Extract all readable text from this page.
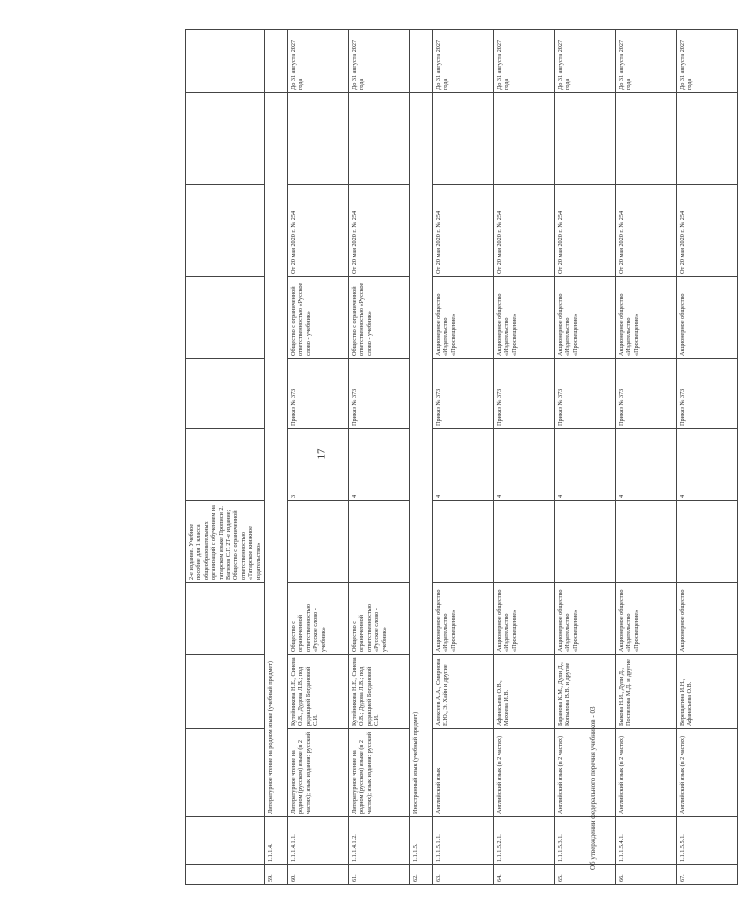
17
					2-е издание. Учебное пособие для 1 класса общеобразовательных организаций с обучением на татарском языке Прописи 2. Вагизов С.Г. 2Т-е издание; Общество с ограниченной ответственностью «Татарское книжное издательство»						
59.	1.1.1.4.	Литературное чтение на родном языке (учебный предмет)									
60.	1.1.1.4.1.1.	Литературное чтение на родном (русском) языке (в 2 частях); язык издания: русский	Кутейникова Н.Е., Синева О.В., Дудова Л.В.; под редакцией Богдановой С.И.	Общество с ограниченной ответственностью «Русское слово - учебник»		3	Приказ № 373	Общество с ограниченной ответственностью «Русское слово - учебник»	От 20 мая 2020 г. № 254		До 31 августа 2027 года
61.	1.1.1.4.1.2.	Литературное чтение на родном (русском) языке (в 2 частях); язык издания: русский	Кутейникова Н.Е., Синева О.В.; Дудова Л.В.; под редакцией Богдановой С.И.	Общество с ограниченной ответственностью «Русское слово - учебник»		4	Приказ № 373	Общество с ограниченной ответственностью «Русское слово - учебник»	От 20 мая 2020 г. № 254		До 31 августа 2027 года
62.	1.1.1.5.	Иностранный язык (учебный предмет)									
63.	1.1.1.5.1.1.	Английский язык	Алексеев А.А., Смирнова Е.Ю., Э. Хайн и другие	Акционерное общество «Издательство «Просвещение»		4	Приказ № 373	Акционерное общество «Издательство «Просвещение»	От 20 мая 2020 г. № 254		До 31 августа 2027 года
64.	1.1.1.5.2.1.	Английский язык (в 2 частях)	Афанасьева О.В., Михеева И.В.	Акционерное общество «Издательство «Просвещение»		4	Приказ № 373	Акционерное общество «Издательство «Просвещение»	От 20 мая 2020 г. № 254		До 31 августа 2027 года
65.	1.1.1.5.3.1.	Английский язык (в 2 частях)	Баранова К.М., Дули Д., Копылова В.В. и другие	Акционерное общество «Издательство «Просвещение»		4	Приказ № 373	Акционерное общество «Издательство «Просвещение»	От 20 мая 2020 г. № 254		До 31 августа 2027 года
66.	1.1.1.5.4.1.	Английский язык (в 2 частях)	Быкова Н.И., Дули Д., Поспелова М.Д. и другие	Акционерное общество «Издательство «Просвещение»		4	Приказ № 373	Акционерное общество «Издательство «Просвещение»	От 20 мая 2020 г. № 254		До 31 августа 2027 года
67.	1.1.1.5.5.1.	Английский язык (в 2 частях)	Верещагина И.Н., Афанасьева О.В.	Акционерное общество		4	Приказ № 373	Акционерное общество	От 20 мая 2020 г. № 254		До 31 августа 2027 года
Об утверждении федерального перечня учебников - 03
